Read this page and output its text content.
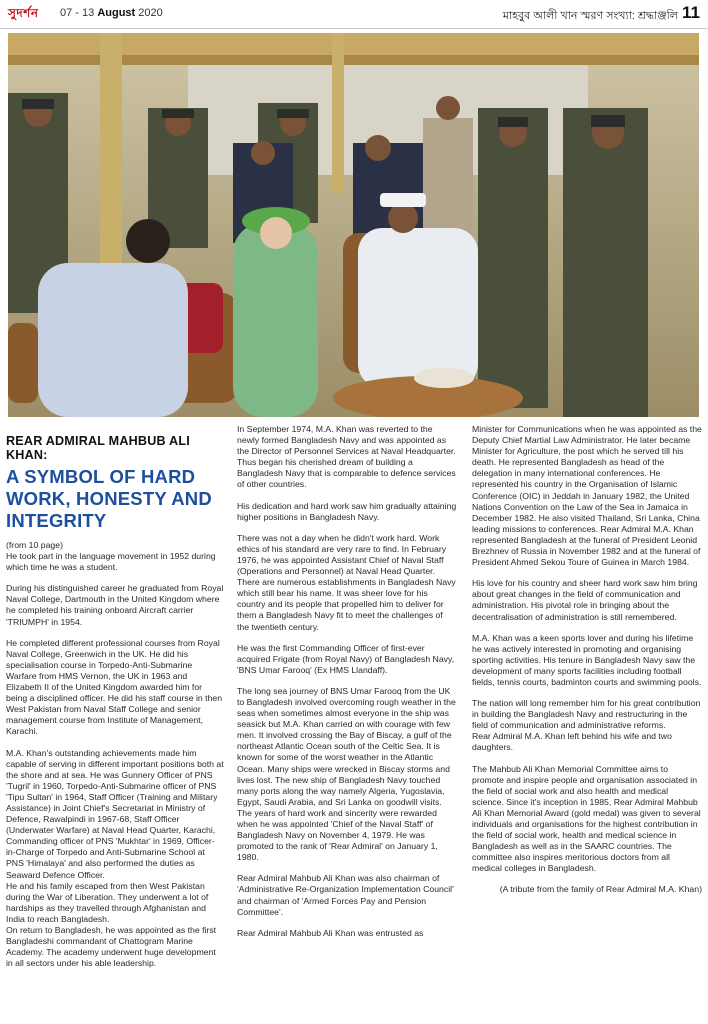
সুদর্শন 07 - 13 August 2020	মাহবুব আলী খান স্মরণ সংখ্যা: শ্রদ্ধাঞ্জলি 11
REAR ADMIRAL MAHBUB ALI KHAN:
A SYMBOL OF HARD WORK, HONESTY AND INTEGRITY

(from 10 page)
He took part in the language movement in 1952 during which time he was a student.

During his distinguished career he graduated from Royal Naval College, Dartmouth in the United Kingdom where he completed his training onboard Aircraft carrier 'TRIUMPH' in 1954.

He completed different professional courses from Royal Naval College, Greenwich in the UK. He did his specialisation course in Torpedo-Anti-Submarine Warfare from HMS Vernon, the UK in 1963 and Elizabeth II of the United Kingdom awarded him for being a disciplined officer. He did his staff course in then West Pakistan from Naval Staff College and senior management course from Institute of Management, Karachi.

M.A. Khan's outstanding achievements made him capable of serving in different important positions both at the shore and at sea. He was Gunnery Officer of PNS 'Tugril' in 1960, Torpedo-Anti-Submarine officer of PNS 'Tipu Sultan' in 1964, Staff Officer (Training and Military Assistance) in Joint Chief's Secretariat in Ministry of Defence, Rawalpindi in 1967-68, Staff Officer (Underwater Warfare) at Naval Head Quarter, Karachi, Commanding officer of PNS 'Mukhtar' in 1969, Officer-in-Charge of Torpedo and Anti-Submarine School at PNS 'Himalaya' and also performed the duties as Seaward Defence Officer.
He and his family escaped from then West Pakistan during the War of Liberation. They underwent a lot of hardships as they travelled through Afghanistan and India to reach Bangladesh.
On return to Bangladesh, he was appointed as the first Bangladeshi commandant of Chattogram Marine Academy. The academy underwent huge development in all sectors under his able leadership.

In September 1974, M.A. Khan was reverted to the newly formed Bangladesh Navy and was appointed as the Director of Personnel Services at Naval Headquarter. Thus began his cherished dream of building a Bangladesh Navy that is comparable to defence services of other countries.

His dedication and hard work saw him gradually attaining higher positions in Bangladesh Navy.

There was not a day when he didn't work hard. Work ethics of his standard are very rare to find. In February 1976, he was appointed Assistant Chief of Naval Staff (Operations and Personnel) at Naval Head Quarter.
There are numerous establishments in Bangladesh Navy which still bear his name. It was sheer love for his country and its people that propelled him to deliver for them a Bangladesh Navy fit to meet the challenges of the twentieth century.

He was the first Commanding Officer of first-ever acquired Frigate (from Royal Navy) of Bangladesh Navy, 'BNS Umar Farooq' (Ex HMS Llandaff).

The long sea journey of BNS Umar Farooq from the UK to Bangladesh involved overcoming rough weather in the seas when sometimes almost everyone in the ship was seasick but M.A. Khan carried on with courage with few men. It involved crossing the Bay of Biscay, a gulf of the northeast Atlantic Ocean south of the Celtic Sea. It is known for some of the worst weather in the Atlantic Ocean. Many ships were wrecked in Biscay storms and lives lost. The new ship of Bangladesh Navy touched many ports along the way namely Algeria, Yugoslavia, Egypt, Saudi Arabia, and Sri Lanka on goodwill visits. The years of hard work and sincerity were rewarded when he was appointed 'Chief of the Naval Staff' of Bangladesh Navy on November 4, 1979. He was promoted to the rank of 'Rear Admiral' on January 1, 1980.

Rear Admiral Mahbub Ali Khan was also chairman of 'Administrative Re-Organization Implementation Council' and chairman of 'Armed Forces Pay and Pension Committee'.

Rear Admiral Mahbub Ali Khan was entrusted as

Minister for Communications when he was appointed as the Deputy Chief Martial Law Administrator. He later became Minister for Agriculture, the post which he served till his death. He represented Bangladesh as head of the delegation in many international conferences. He represented his country in the Organisation of Islamic Conference (OIC) in Jeddah in January 1982, the United Nations Convention on the Law of the Sea in Jamaica in December 1982. He also visited Thailand, Sri Lanka, China leading missions to conferences. Rear Admiral M.A. Khan represented Bangladesh at the funeral of President Leonid Brezhnev of Russia in November 1982 and at the funeral of President Ahmed Sekou Toure of Guinea in March 1984.

His love for his country and sheer hard work saw him bring about great changes in the field of communication and administration. His pivotal role in bringing about the decentralisation of administration is still remembered.

M.A. Khan was a keen sports lover and during his lifetime he was actively interested in promoting and organising sporting activities. His tenure in Bangladesh Navy saw the development of many sports facilities including football fields, tennis courts, badminton courts and swimming pools.

The nation will long remember him for his great contribution in building the Bangladesh Navy and restructuring in the field of communication and administrative reforms.
Rear Admiral M.A. Khan left behind his wife and two daughters.

The Mahbub Ali Khan Memorial Committee aims to promote and inspire people and organisation associated in the field of social work and also health and medical science. Since it's inception in 1985, Rear Admiral Mahbub Ali Khan Memorial Award (gold medal) was given to several individuals and organisations for the highest contribution in the field of social work, health and medical science in Bangladesh as well as in the SAARC countries. The committee also inspires meritorious doctors from all medical colleges in Bangladesh.

(A tribute from the family of Rear Admiral M.A. Khan)
